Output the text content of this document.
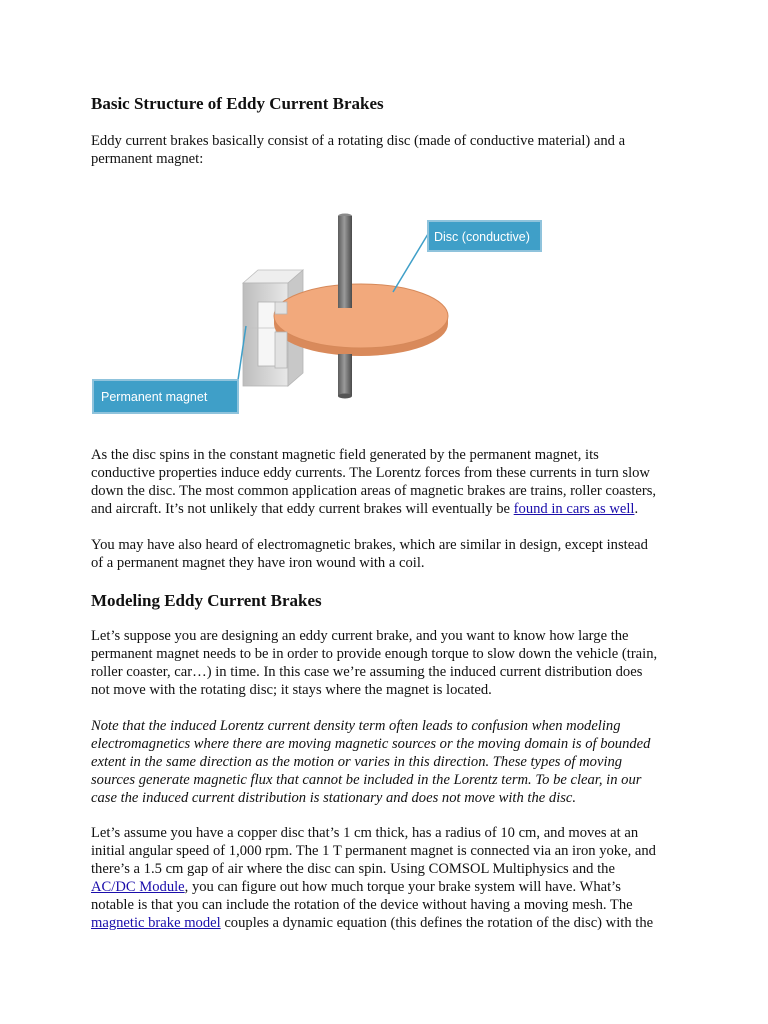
Basic Structure of Eddy Current Brakes

Eddy current brakes basically consist of a rotating disc (made of conductive material) and a
permanent magnet:

Disc (conductive)
Permanent magnet

As the disc spins in the constant magnetic field generated by the permanent magnet, its
conductive properties induce eddy currents. The Lorentz forces from these currents in turn slow
down the disc. The most common application areas of magnetic brakes are trains, roller coasters,
and aircraft. It’s not unlikely that eddy current brakes will eventually be found in cars as well.

You may have also heard of electromagnetic brakes, which are similar in design, except instead
of a permanent magnet they have iron wound with a coil.

Modeling Eddy Current Brakes

Let’s suppose you are designing an eddy current brake, and you want to know how large the
permanent magnet needs to be in order to provide enough torque to slow down the vehicle (train,
roller coaster, car…) in time. In this case we’re assuming the induced current distribution does
not move with the rotating disc; it stays where the magnet is located.

Note that the induced Lorentz current density term often leads to confusion when modeling
electromagnetics where there are moving magnetic sources or the moving domain is of bounded
extent in the same direction as the motion or varies in this direction. These types of moving
sources generate magnetic flux that cannot be included in the Lorentz term. To be clear, in our
case the induced current distribution is stationary and does not move with the disc.

Let’s assume you have a copper disc that’s 1 cm thick, has a radius of 10 cm, and moves at an
initial angular speed of 1,000 rpm. The 1 T permanent magnet is connected via an iron yoke, and
there’s a 1.5 cm gap of air where the disc can spin. Using COMSOL Multiphysics and the
AC/DC Module, you can figure out how much torque your brake system will have. What’s
notable is that you can include the rotation of the device without having a moving mesh. The
magnetic brake model couples a dynamic equation (this defines the rotation of the disc) with the
